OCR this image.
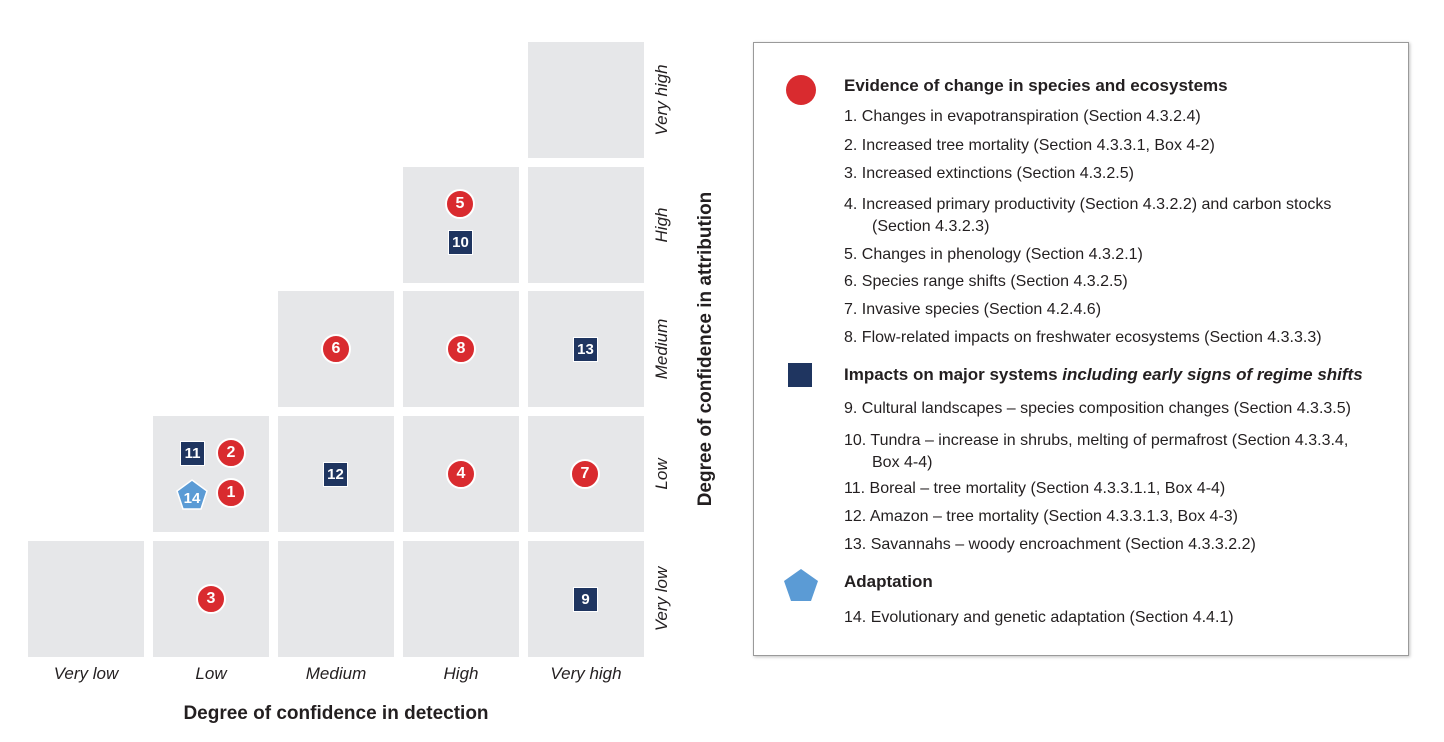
5
10
6	8	13
11	2
14	1
12	4	7
3	9
Very low	Low	Medium	High	Very high
Degree of confidence in detection
Very low
Low
Medium
High
Very high
Degree of confidence in attribution
Evidence of change in species and ecosystems
1. Changes in evapotranspiration (Section 4.3.2.4)
2. Increased tree mortality (Section 4.3.3.1, Box 4-2)
3. Increased extinctions (Section 4.3.2.5)
4. Increased primary productivity (Section 4.3.2.2) and carbon stocks
(Section 4.3.2.3)
5. Changes in phenology (Section 4.3.2.1)
6. Species range shifts (Section 4.3.2.5)
7. Invasive species (Section 4.2.4.6)
8. Flow-related impacts on freshwater ecosystems (Section 4.3.3.3)
Impacts on major systems including early signs of regime shifts
9. Cultural landscapes – species composition changes (Section 4.3.3.5)
10. Tundra – increase in shrubs, melting of permafrost (Section 4.3.3.4,
Box 4-4)
11. Boreal – tree mortality (Section 4.3.3.1.1, Box 4-4)
12. Amazon – tree mortality (Section 4.3.3.1.3, Box 4-3)
13. Savannahs – woody encroachment (Section 4.3.3.2.2)
Adaptation
14. Evolutionary and genetic adaptation (Section 4.4.1)
